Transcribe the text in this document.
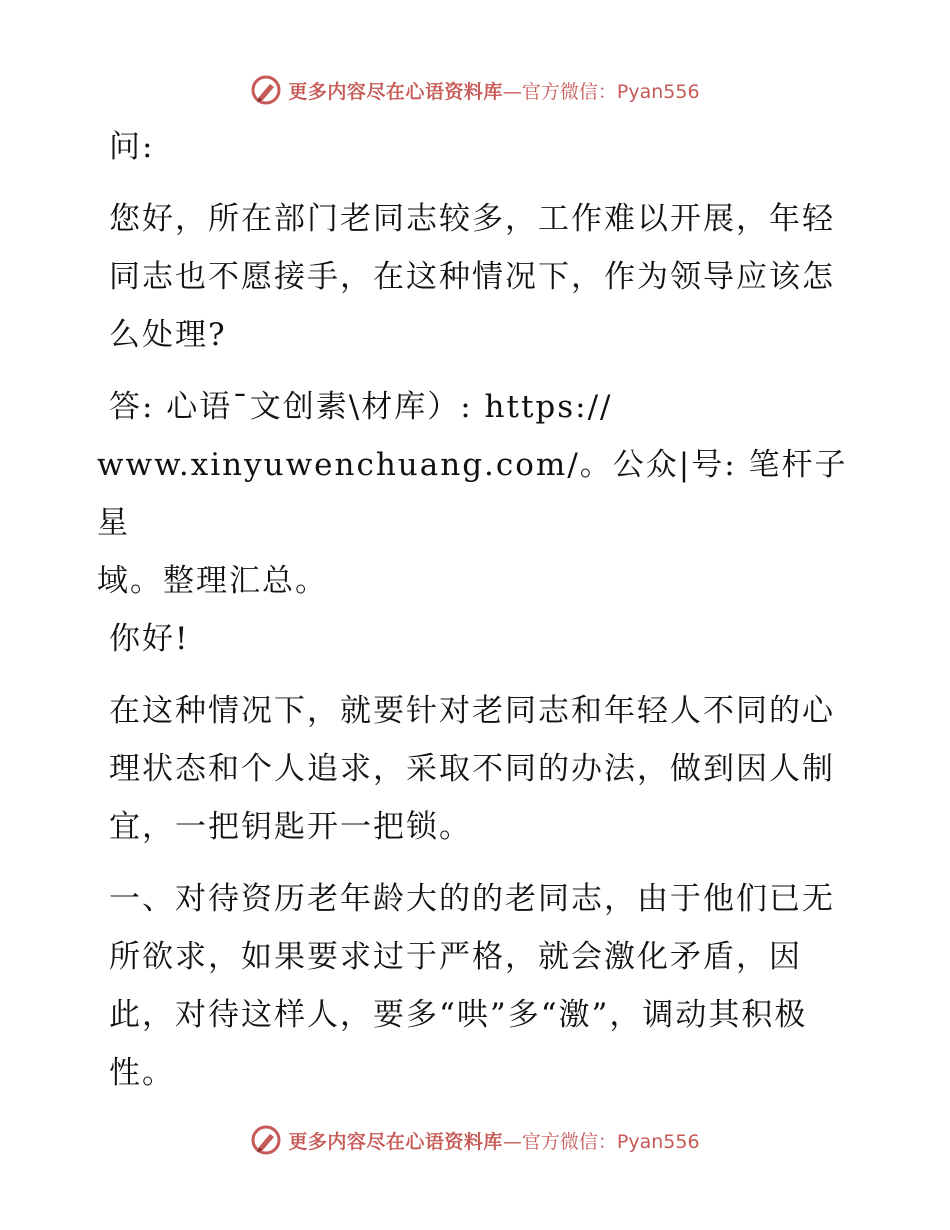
更多内容尽在心语资料库 —官方微信：Pyan556

问:

您好，所在部门老同志较多，工作难以开展，年轻同志也不愿接手，在这种情况下，作为领导应该怎么处理?

答: 心语¯文创素\材库）: https://

www.xinyuwenchuang.com/。公众|号: 笔杆子星

域。整理汇总。

你好!

在这种情况下，就要针对老同志和年轻人不同的心理状态和个人追求，采取不同的办法，做到因人制宜，一把钥匙开一把锁。

一、对待资历老年龄大的的老同志，由于他们已无所欲求，如果要求过于严格，就会激化矛盾，因此，对待这样人，要多“哄”多“激”，调动其积极性。

更多内容尽在心语资料库 —官方微信：Pyan556
